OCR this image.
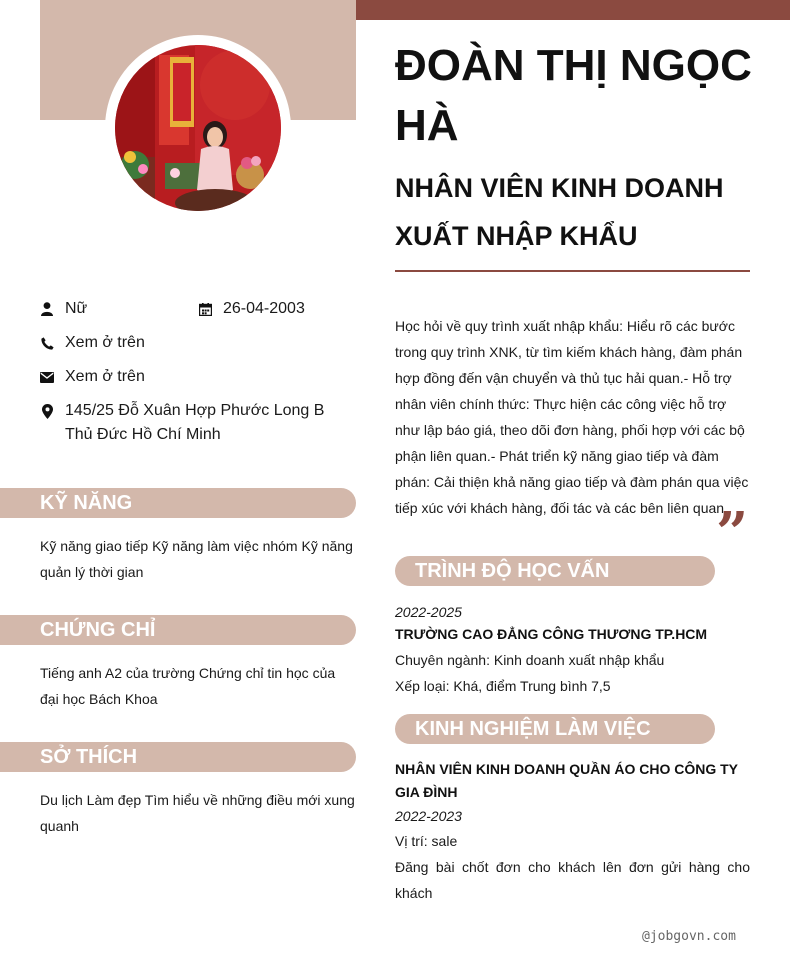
ĐOÀN THỊ NGỌC HÀ
NHÂN VIÊN KINH DOANH XUẤT NHẬP KHẨU
Nữ	26-04-2003
Xem ở trên
Xem ở trên
145/25 Đỗ Xuân Hợp Phước Long B Thủ Đức Hồ Chí Minh
KỸ NĂNG
Kỹ năng giao tiếp Kỹ năng làm việc nhóm Kỹ năng quản lý thời gian
CHỨNG CHỈ
Tiếng anh A2 của trường Chứng chỉ tin học của đại học Bách Khoa
SỞ THÍCH
Du lịch Làm đẹp Tìm hiểu về những điều mới xung quanh
Học hỏi về quy trình xuất nhập khẩu: Hiểu rõ các bước trong quy trình XNK, từ tìm kiếm khách hàng, đàm phán hợp đồng đến vận chuyển và thủ tục hải quan.- Hỗ trợ nhân viên chính thức: Thực hiện các công việc hỗ trợ như lập báo giá, theo dõi đơn hàng, phối hợp với các bộ phận liên quan.- Phát triển kỹ năng giao tiếp và đàm phán: Cải thiện khả năng giao tiếp và đàm phán qua việc tiếp xúc với khách hàng, đối tác và các bên liên quan.
”
TRÌNH ĐỘ HỌC VẤN
2022-2025
TRƯỜNG CAO ĐẲNG CÔNG THƯƠNG TP.HCM
Chuyên ngành: Kinh doanh xuất nhập khẩu
Xếp loại: Khá, điểm Trung bình 7,5
KINH NGHIỆM LÀM VIỆC
NHÂN VIÊN KINH DOANH QUẦN ÁO CHO CÔNG TY GIA ĐÌNH
2022-2023
Vị trí: sale
Đăng bài chốt đơn cho khách lên đơn gửi hàng cho khách
@jobgovn.com
